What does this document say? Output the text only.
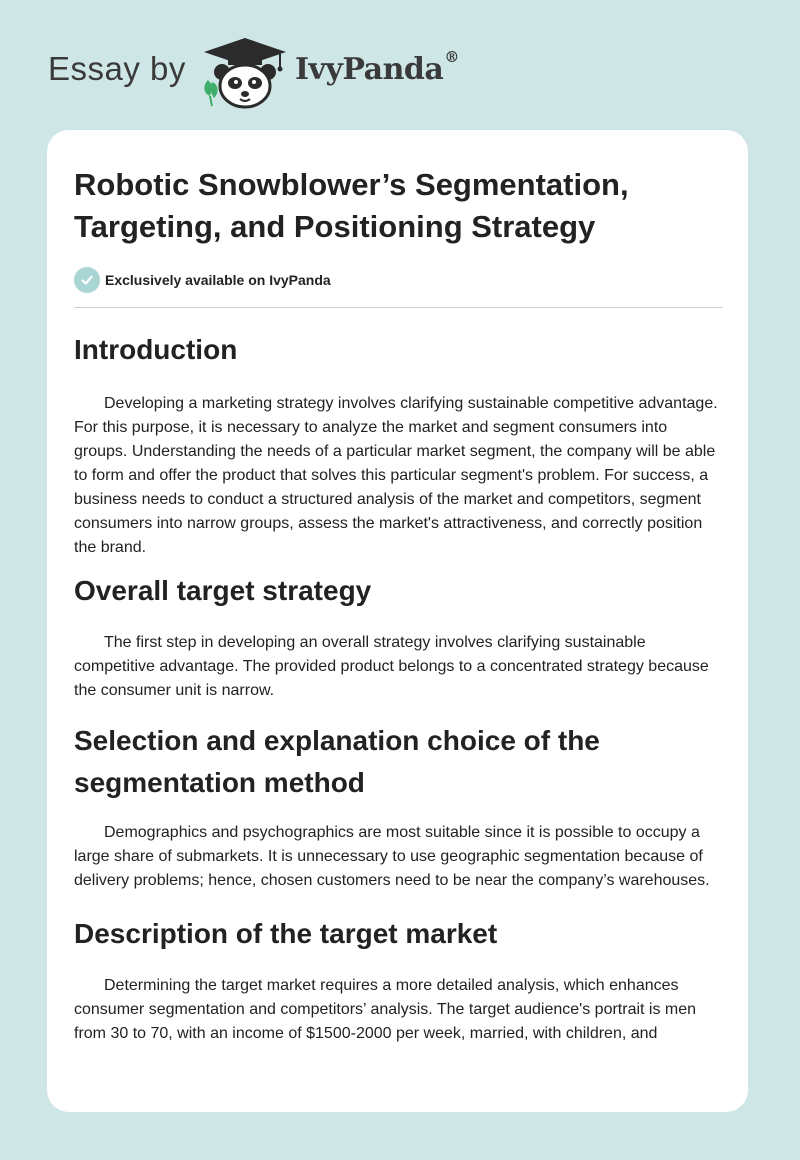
Essay by	IvyPanda®
Robotic Snowblower’s Segmentation, Targeting, and Positioning Strategy
Exclusively available on IvyPanda
Introduction

Developing a marketing strategy involves clarifying sustainable competitive advantage. For this purpose, it is necessary to analyze the market and segment consumers into groups. Understanding the needs of a particular market segment, the company will be able to form and offer the product that solves this particular segment's problem. For success, a business needs to conduct a structured analysis of the market and competitors, segment consumers into narrow groups, assess the market's attractiveness, and correctly position the brand.

Overall target strategy

The first step in developing an overall strategy involves clarifying sustainable competitive advantage. The provided product belongs to a concentrated strategy because the consumer unit is narrow.

Selection and explanation choice of the segmentation method

Demographics and psychographics are most suitable since it is possible to occupy a large share of submarkets. It is unnecessary to use geographic segmentation because of delivery problems; hence, chosen customers need to be near the company’s warehouses.

Description of the target market

Determining the target market requires a more detailed analysis, which enhances consumer segmentation and competitors’ analysis. The target audience's portrait is men from 30 to 70, with an income of $1500-2000 per week, married, with children, and
